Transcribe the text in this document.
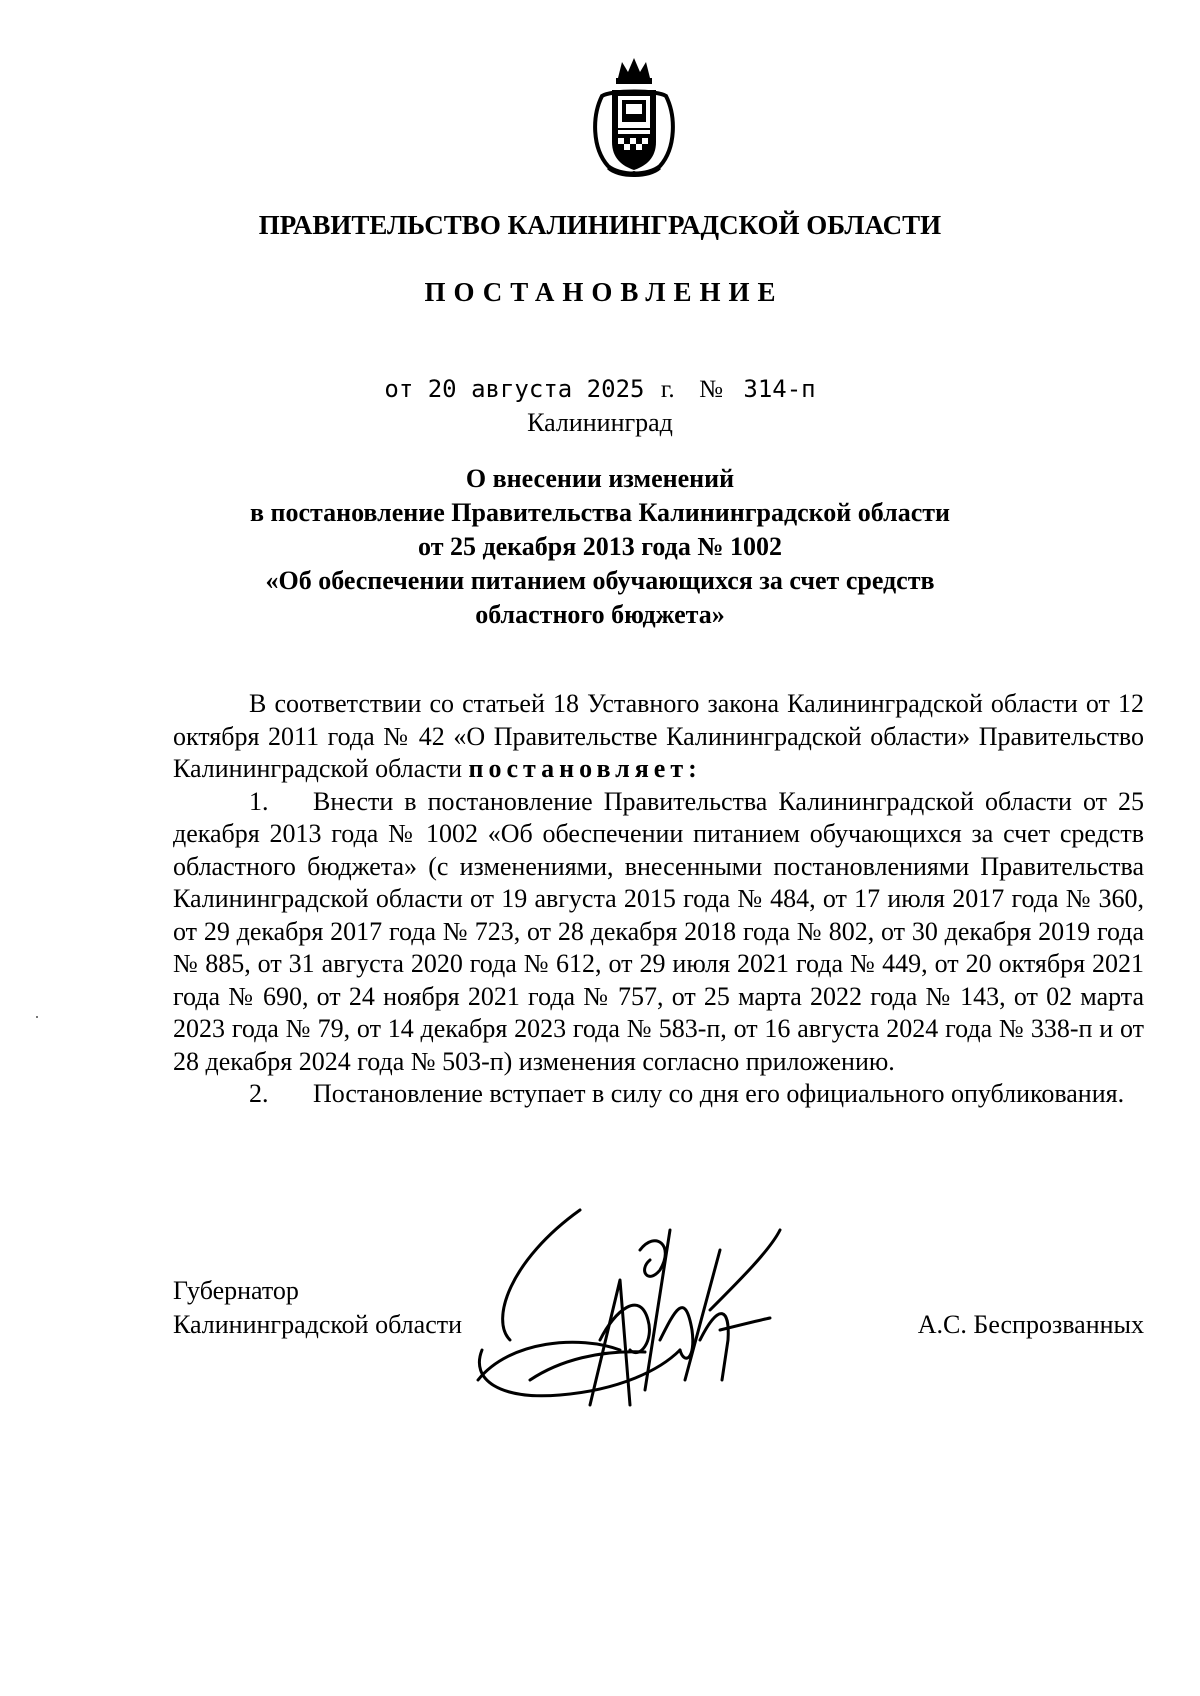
ПРАВИТЕЛЬСТВО КАЛИНИНГРАДСКОЙ ОБЛАСТИ
ПОСТАНОВЛЕНИЕ
от 20 августа 2025 г. № 314-п
Калининград
О внесении изменений
в постановление Правительства Калининградской области
от 25 декабря 2013 года № 1002
«Об обеспечении питанием обучающихся за счет средств
областного бюджета»

В соответствии со статьей 18 Уставного закона Калининградской области от 12 октября 2011 года № 42 «О Правительстве Калининградской области» Правительство Калининградской области постановляет:

1. Внести в постановление Правительства Калининградской области от 25 декабря 2013 года № 1002 «Об обеспечении питанием обучающихся за счет средств областного бюджета» (с изменениями, внесенными постановлениями Правительства Калининградской области от 19 августа 2015 года № 484, от 17 июля 2017 года № 360, от 29 декабря 2017 года № 723, от 28 декабря 2018 года № 802, от 30 декабря 2019 года № 885, от 31 августа 2020 года № 612, от 29 июля 2021 года № 449, от 20 октября 2021 года № 690, от 24 ноября 2021 года № 757, от 25 марта 2022 года № 143, от 02 марта 2023 года № 79, от 14 декабря 2023 года № 583-п, от 16 августа 2024 года № 338-п и от 28 декабря 2024 года № 503-п) изменения согласно приложению.

2. Постановление вступает в силу со дня его официального опубликования.

Губернатор
Калининградской области	А.С. Беспрозванных
